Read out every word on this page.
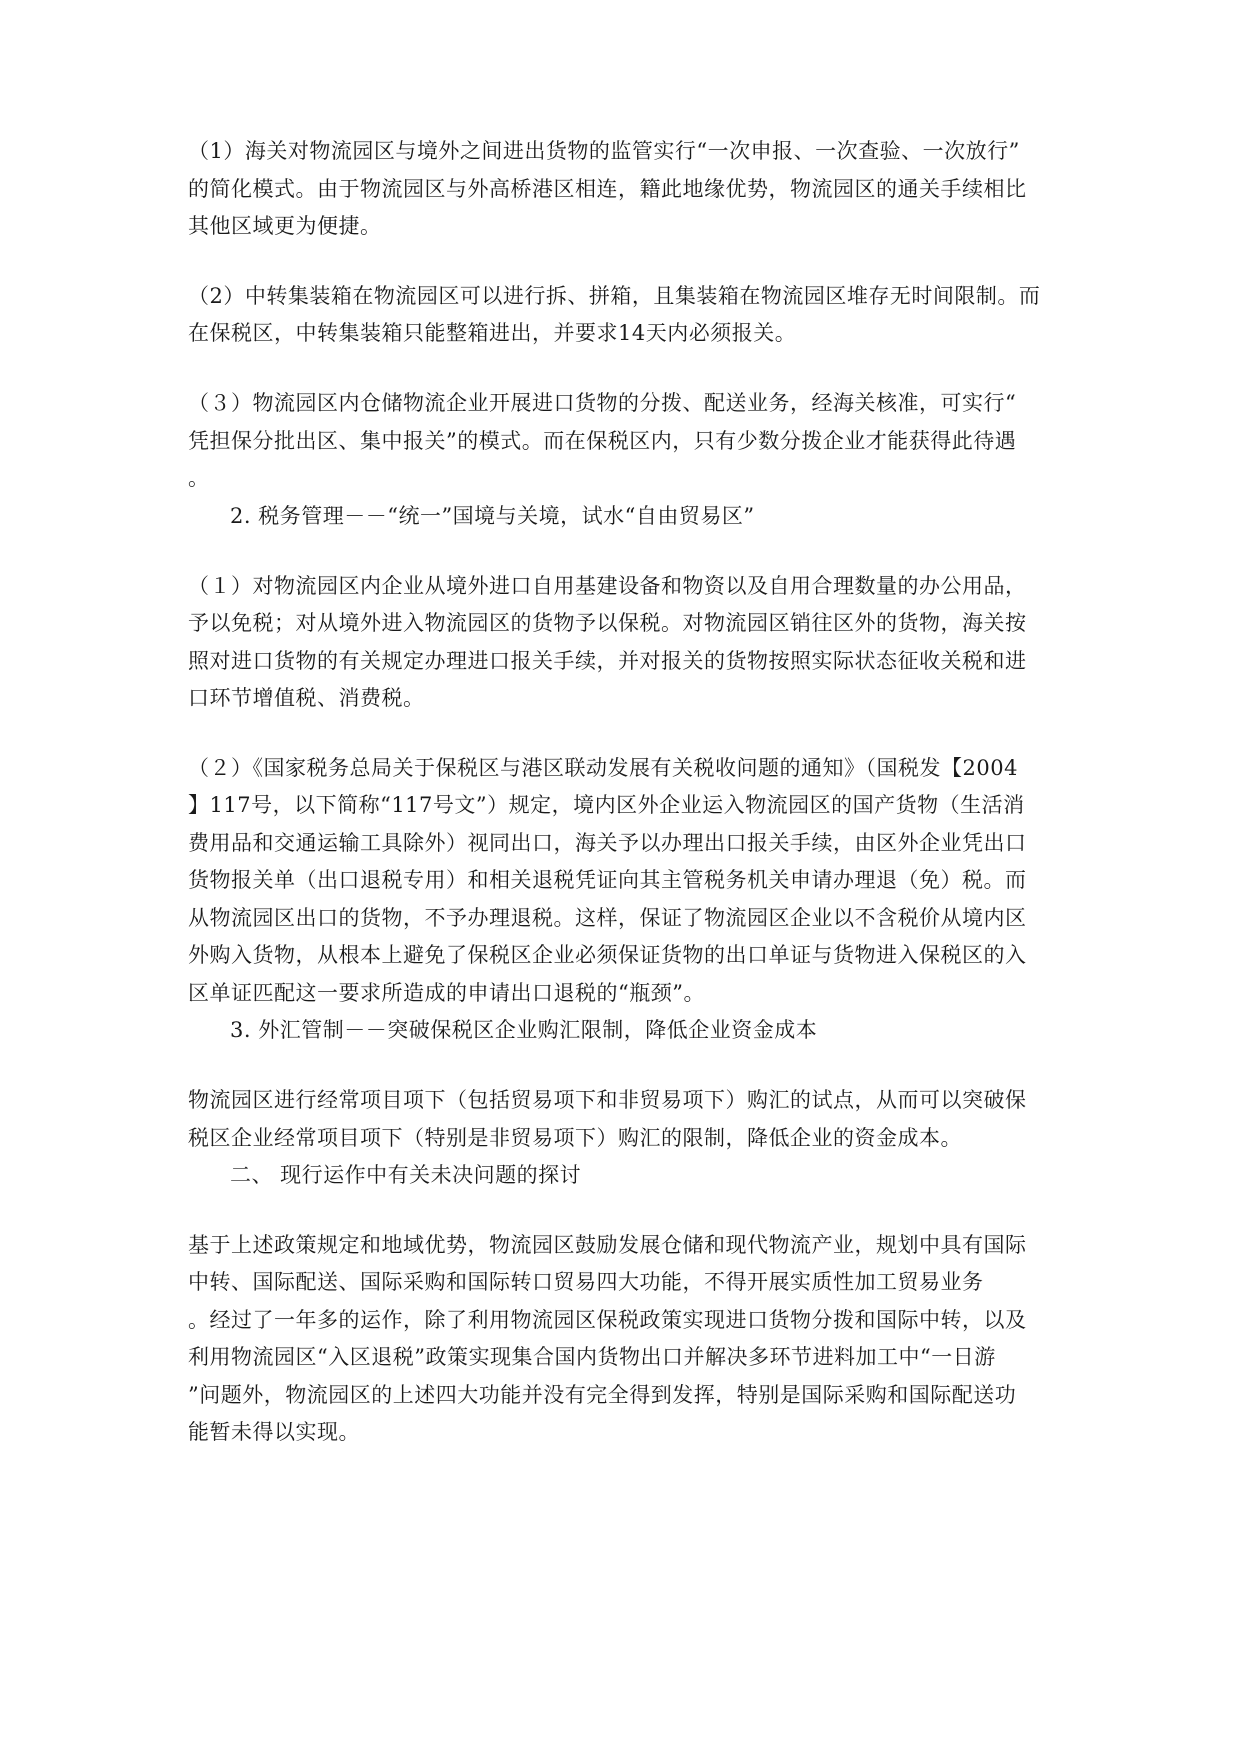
（1）海关对物流园区与境外之间进出货物的监管实行“一次申报、一次查验、一次放行”
的简化模式。由于物流园区与外高桥港区相连，籍此地缘优势，物流园区的通关手续相比
其他区域更为便捷。
（2）中转集装箱在物流园区可以进行拆、拼箱，且集装箱在物流园区堆存无时间限制。而
在保税区，中转集装箱只能整箱进出，并要求14天内必须报关。
（３）物流园区内仓储物流企业开展进口货物的分拨、配送业务，经海关核准，可实行“
凭担保分批出区、集中报关”的模式。而在保税区内，只有少数分拨企业才能获得此待遇
。
2. 税务管理－－“统一”国境与关境，试水“自由贸易区”
（１）对物流园区内企业从境外进口自用基建设备和物资以及自用合理数量的办公用品，
予以免税；对从境外进入物流园区的货物予以保税。对物流园区销往区外的货物，海关按
照对进口货物的有关规定办理进口报关手续，并对报关的货物按照实际状态征收关税和进
口环节增值税、消费税。
（２）《国家税务总局关于保税区与港区联动发展有关税收问题的通知》（国税发【2004
】117号，以下简称“117号文”）规定，境内区外企业运入物流园区的国产货物（生活消
费用品和交通运输工具除外）视同出口，海关予以办理出口报关手续，由区外企业凭出口
货物报关单（出口退税专用）和相关退税凭证向其主管税务机关申请办理退（免）税。而
从物流园区出口的货物，不予办理退税。这样，保证了物流园区企业以不含税价从境内区
外购入货物，从根本上避免了保税区企业必须保证货物的出口单证与货物进入保税区的入
区单证匹配这一要求所造成的申请出口退税的“瓶颈”。
3. 外汇管制－－突破保税区企业购汇限制，降低企业资金成本
物流园区进行经常项目项下（包括贸易项下和非贸易项下）购汇的试点，从而可以突破保
税区企业经常项目项下（特别是非贸易项下）购汇的限制，降低企业的资金成本。
二、 现行运作中有关未决问题的探讨
基于上述政策规定和地域优势，物流园区鼓励发展仓储和现代物流产业，规划中具有国际
中转、国际配送、国际采购和国际转口贸易四大功能，不得开展实质性加工贸易业务
。经过了一年多的运作，除了利用物流园区保税政策实现进口货物分拨和国际中转，以及
利用物流园区“入区退税”政策实现集合国内货物出口并解决多环节进料加工中“一日游
”问题外，物流园区的上述四大功能并没有完全得到发挥，特别是国际采购和国际配送功
能暂未得以实现。
